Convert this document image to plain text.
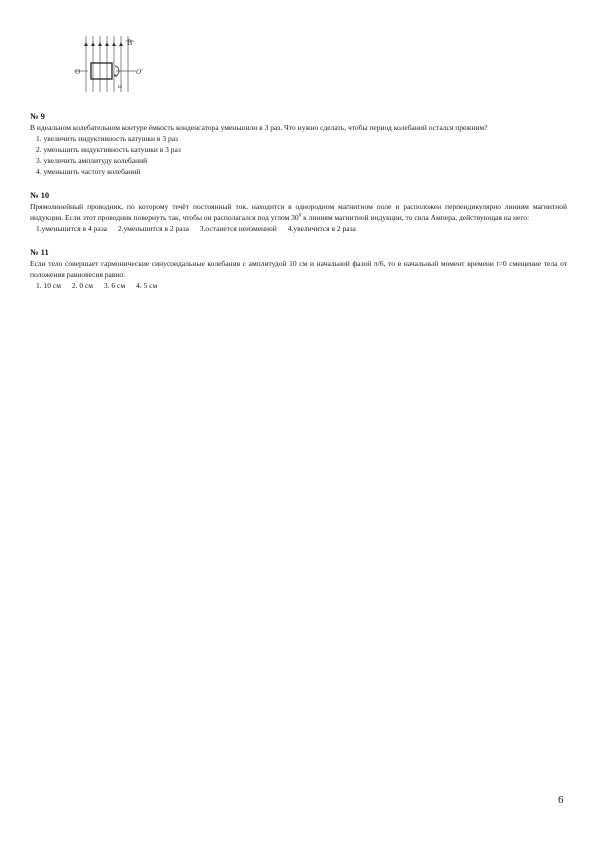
B
O	O'
ω
№ 9
В идеальном колебательном контуре ёмкость конденсатора уменьшили в 3 раз. Что нужно сделать, чтобы период колебаний остался прежним?
1. увеличить индуктивность катушки в 3 раз
2. уменьшить индуктивность катушки в 3 раз
3. увеличить амплитуду колебаний
4. уменьшить частоту колебаний
№ 10
Прямолинейный проводник, по которому течёт постоянный ток, находится в однородном магнитном поле и расположен перпендикулярно линиям магнитной индукции. Если этот проводник повернуть так, чтобы он располагался под углом $30^0$ к линиям магнитной индукции, то сила Ампера, действующая на него:
1.уменьшится в 4 раза 2.уменьшится в 2 раза 3.останется неизменной 4.увеличится в 2 раза
№ 11
Если тело совершает гармонические синусоидальные колебания с амплитудой 10 см и начальной фазой π/6, то в начальный момент времени t=0 смещение тела от положения равновесия равно:
1. 10 см 2. 0 см 3. 6 см 4. 5 см
6
